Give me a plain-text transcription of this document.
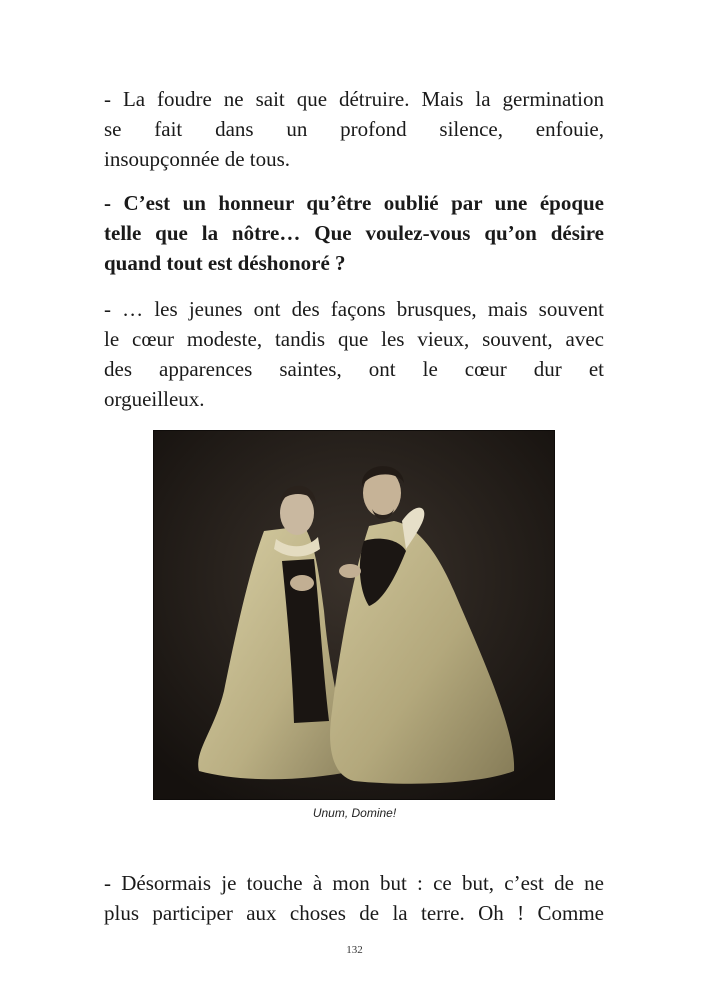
- La foudre ne sait que détruire. Mais la germination
se fait dans un profond silence, enfouie,
insoupçonnée de tous.

- C’est un honneur qu’être oublié par une époque
telle que la nôtre… Que voulez-vous qu’on désire
quand tout est déshonoré ?

- … les jeunes ont des façons brusques, mais souvent
le cœur modeste, tandis que les vieux, souvent, avec
des apparences saintes, ont le cœur dur et
orgueilleux.

Unum, Domine!

- Désormais je touche à mon but : ce but, c’est de ne
plus participer aux choses de la terre. Oh ! Comme

132
